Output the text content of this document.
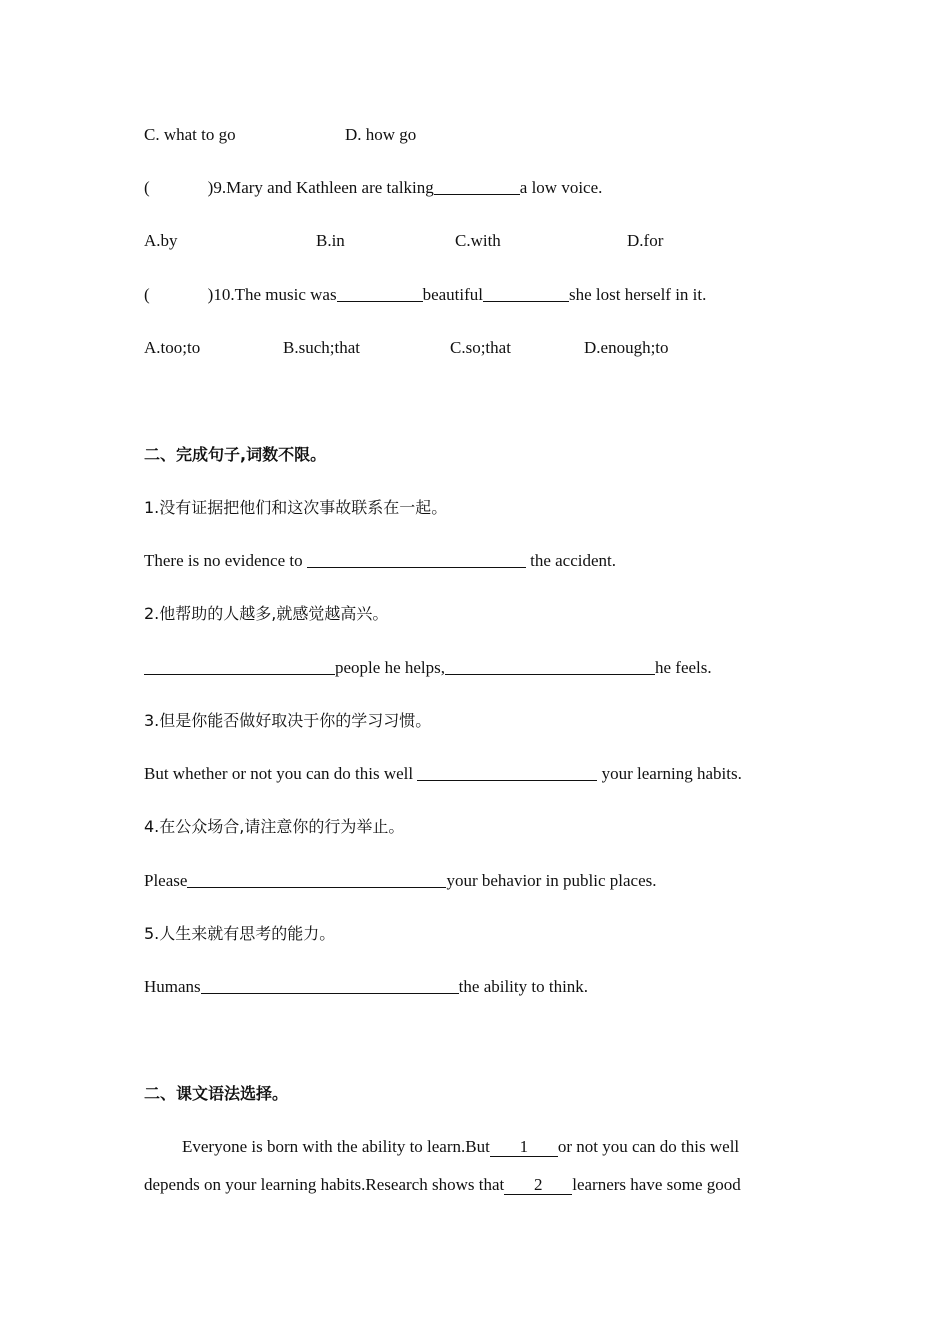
C. what to go	D. how go
(	)9.Mary and Kathleen are talking	a low voice.
A.by	B.in	C.with	D.for
(	)10.The music was	beautiful	she lost herself in it.
A.too;to	B.such;that	C.so;that	D.enough;to
二、完成句子,词数不限。
1.没有证据把他们和这次事故联系在一起。
There is no evidence to	the accident.
2.他帮助的人越多,就感觉越高兴。
people he helps,	he feels.
3.但是你能否做好取决于你的学习习惯。
But whether or not you can do this well	your learning habits.
4.在公众场合,请注意你的行为举止。
Please	your behavior in public places.
5.人生来就有思考的能力。
Humans	the ability to think.
二、课文语法选择。
Everyone is born with the ability to learn.But 1 or not you can do this well
depends on your learning habits.Research shows that 2 learners have some good
